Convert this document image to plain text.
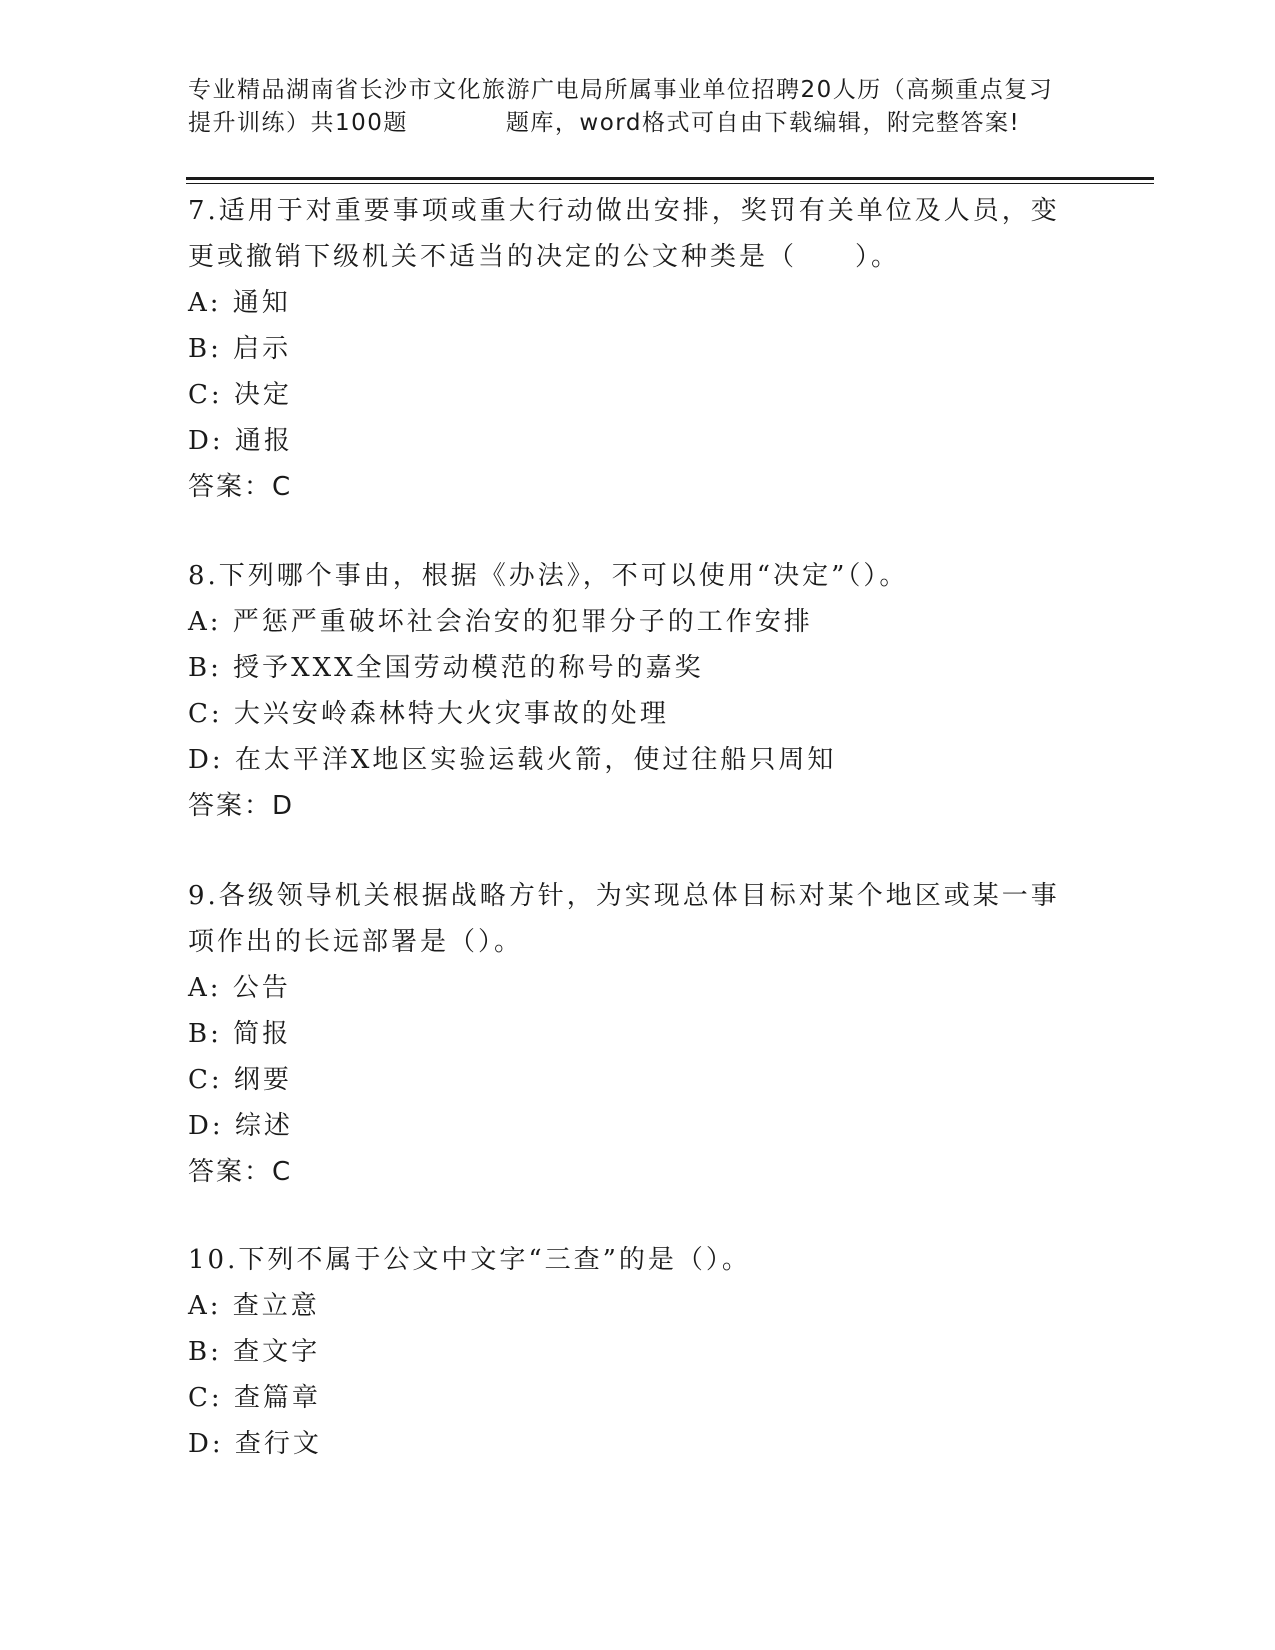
专业精品湖南省长沙市文化旅游广电局所属事业单位招聘20人历（高频重点复习
提升训练）共100题	题库，word格式可自由下载编辑，附完整答案!
7.适用于对重要事项或重大行动做出安排，奖罚有关单位及人员，变
更或撤销下级机关不适当的决定的公文种类是（　　）。
A: 通知
B: 启示
C: 决定
D: 通报
答案：C
8.下列哪个事由，根据《办法》，不可以使用“决定”（）。
A: 严惩严重破坏社会治安的犯罪分子的工作安排
B: 授予XXX全国劳动模范的称号的嘉奖
C: 大兴安岭森林特大火灾事故的处理
D: 在太平洋X地区实验运载火箭，使过往船只周知
答案：D
9.各级领导机关根据战略方针，为实现总体目标对某个地区或某一事
项作出的长远部署是（）。
A: 公告
B: 简报
C: 纲要
D: 综述
答案：C
10.下列不属于公文中文字“三查”的是（）。
A: 查立意
B: 查文字
C: 查篇章
D: 查行文
